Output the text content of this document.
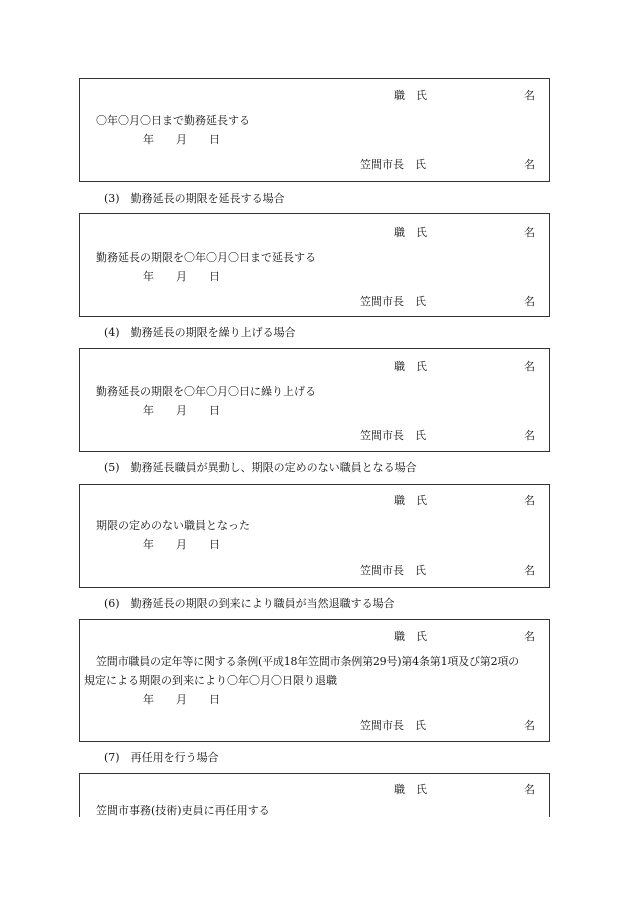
職　氏	名
〇年〇月〇日まで勤務延長する
年　　月　　日
笠間市長　氏	名
(3)　勤務延長の期限を延長する場合
職　氏	名
勤務延長の期限を〇年〇月〇日まで延長する
年　　月　　日
笠間市長　氏	名
(4)　勤務延長の期限を繰り上げる場合
職　氏	名
勤務延長の期限を〇年〇月〇日に繰り上げる
年　　月　　日
笠間市長　氏	名
(5)　勤務延長職員が異動し、期限の定めのない職員となる場合
職　氏	名
期限の定めのない職員となった
年　　月　　日
笠間市長　氏	名
(6)　勤務延長の期限の到来により職員が当然退職する場合
職　氏	名
笠間市職員の定年等に関する条例(平成18年笠間市条例第29号)第4条第1項及び第2項の
規定による期限の到来により〇年〇月〇日限り退職
年　　月　　日
笠間市長　氏	名
(7)　再任用を行う場合
職　氏	名
笠間市事務(技術)吏員に再任用する
